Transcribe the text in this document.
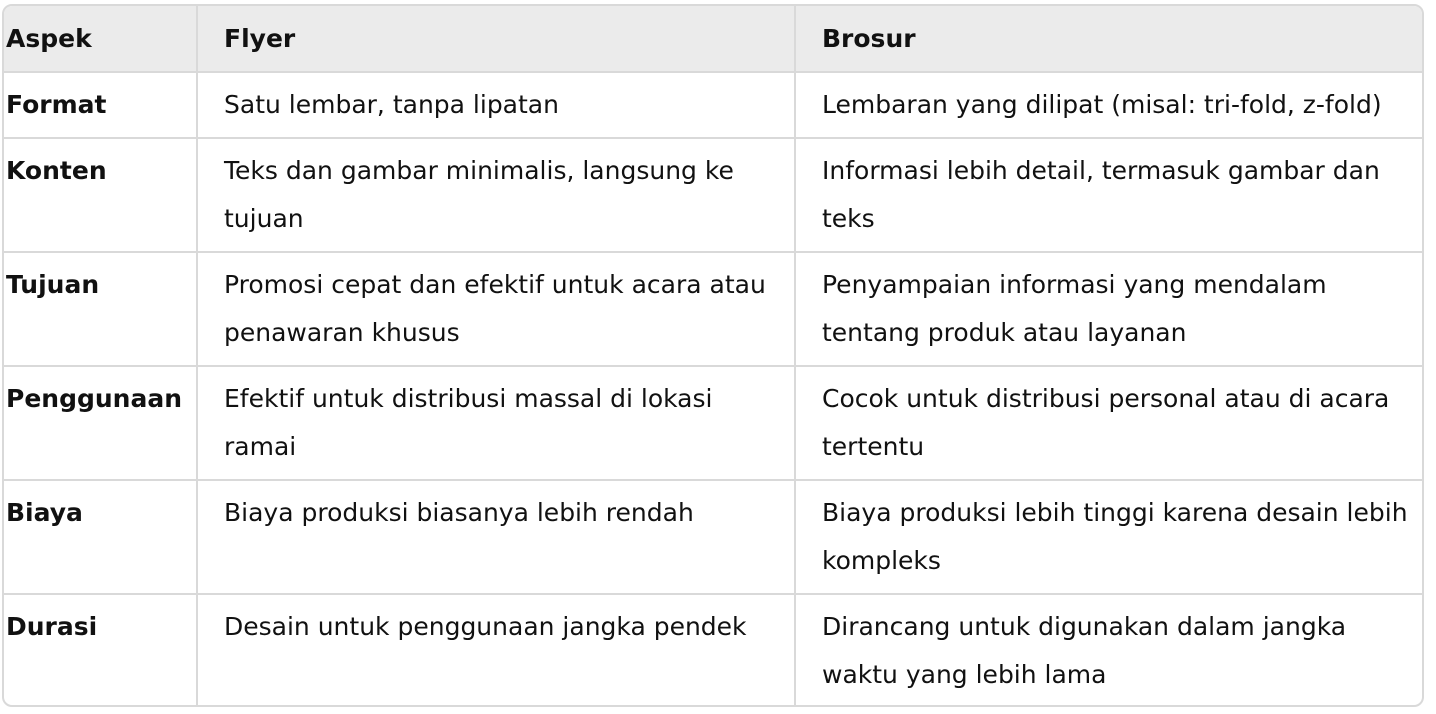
Aspek	Flyer	Brosur
Format	Satu lembar, tanpa lipatan	Lembaran yang dilipat (misal: tri-fold, z-fold)
Konten	Teks dan gambar minimalis, langsung ke tujuan	Informasi lebih detail, termasuk gambar dan teks
Tujuan	Promosi cepat dan efektif untuk acara atau penawaran khusus	Penyampaian informasi yang mendalam tentang produk atau layanan
Penggunaan	Efektif untuk distribusi massal di lokasi ramai	Cocok untuk distribusi personal atau di acara tertentu
Biaya	Biaya produksi biasanya lebih rendah	Biaya produksi lebih tinggi karena desain lebih kompleks
Durasi	Desain untuk penggunaan jangka pendek	Dirancang untuk digunakan dalam jangka waktu yang lebih lama
